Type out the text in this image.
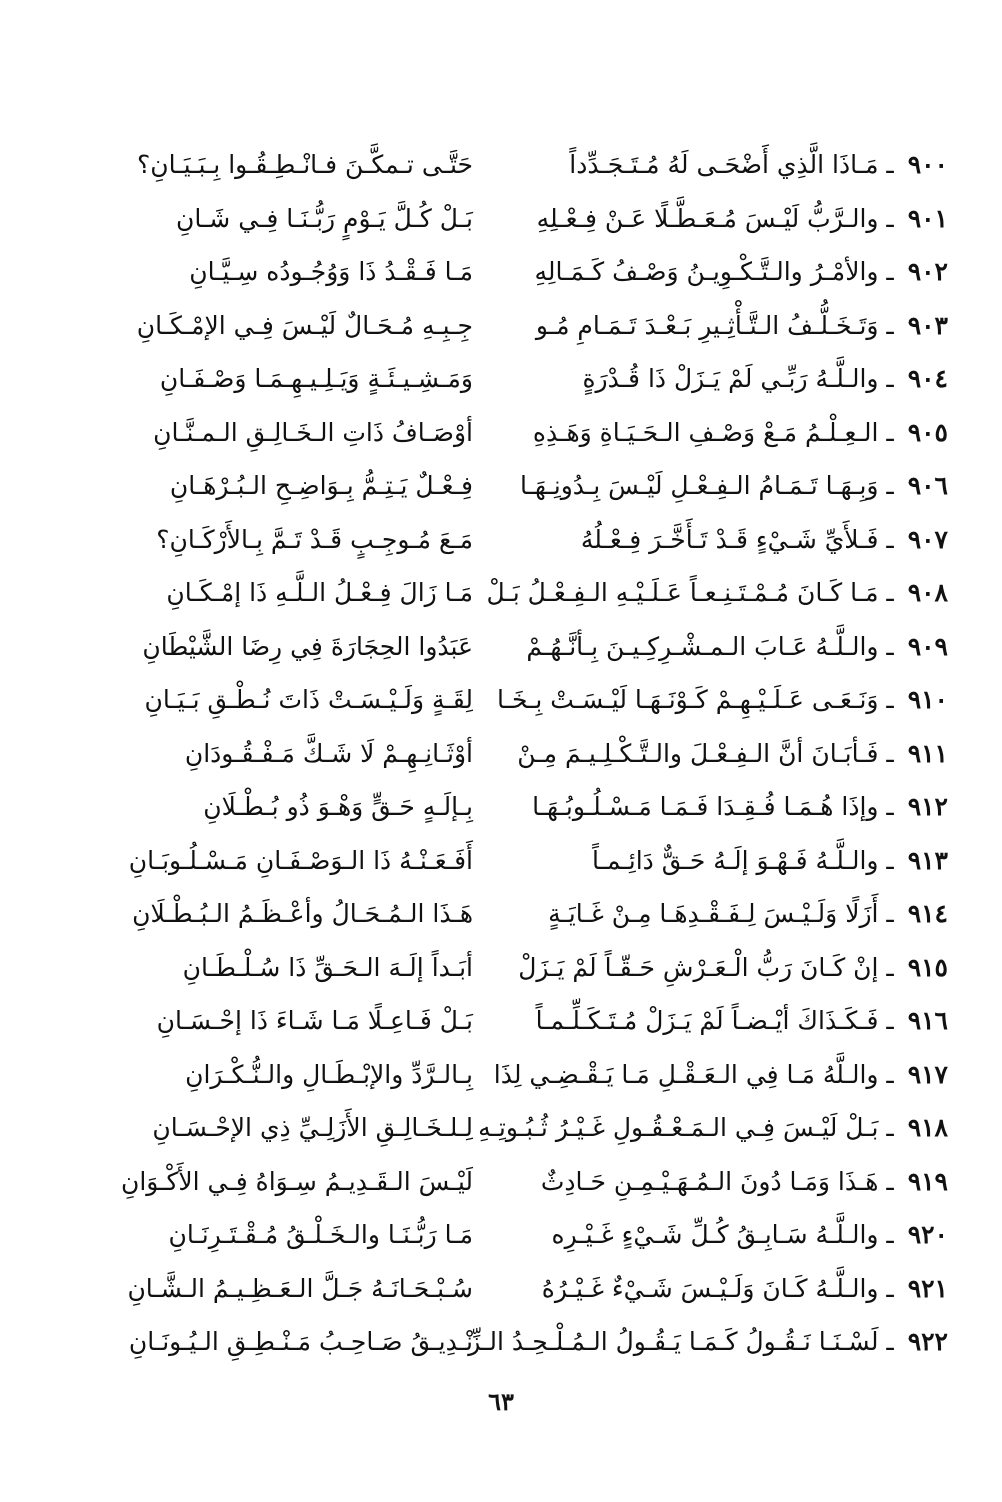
٩٠٠ ـ مَـاذَا الَّذِي أَضْحَـى لَهُ مُـتَـجَـدِّداً
حَتَّـى تـمكَّـنَ فـانْـطِـقُـوا بِـبَـيَـانِ؟
٩٠١ ـ والـرَّبُّ لَيْـسَ مُـعَـطَّـلًا عَـنْ فِـعْـلِهِ
بَـلْ كُـلَّ يَـوْمٍ رَبُّـنَـا فِـي شَـانِ
٩٠٢ ـ والأمْـرُ والـتَّـكْـوِيـنُ وَصْـفُ كَـمَـالِهِ
مَـا فَـقْـدُ ذَا وَوُجُـودُه سِـيَّـانِ
٩٠٣ ـ وَتَـخَـلُّـفُ الـتَّـأْثِـيرِ بَـعْـدَ تَـمَـامِ مُـو
جِـبِـهِ مُـحَـالٌ لَيْـسَ فِـي الإمْـكَـانِ
٩٠٤ ـ والـلَّـهُ رَبِّـي لَمْ يَـزَلْ ذَا قُـدْرَةٍ
وَمَـشِـيـئَـةٍ وَيَـلِـيـهِـمَـا وَصْـفَـانِ
٩٠٥ ـ الـعِـلْـمُ مَـعْ وَصْـفِ الـحَـيَـاةِ وَهَـذِهِ
أوْصَـافُ ذَاتِ الـخَـالِـقِ الـمـنَّـانِ
٩٠٦ ـ وَبِـهَـا تَـمَـامُ الـفِـعْـلِ لَيْـسَ بِـدُونِـهَـا
فِـعْـلٌ يَـتِـمُّ بِـوَاضِـحِ الـبُـرْهَـانِ
٩٠٧ ـ فَـلأَيِّ شَـيْءٍ قَـدْ تَـأَخَّـرَ فِـعْـلُهُ
مَـعَ مُـوجِـبٍ قَـدْ تَـمَّ بِـالأَرْكَـانِ؟
٩٠٨ ـ مَـا كَـانَ مُـمْـتَـنِـعـاً عَـلَـيْـهِ الـفِـعْـلُ بَـلْ
مَـا زَالَ فِـعْـلُ الـلَّـهِ ذَا إمْـكَـانِ
٩٠٩ ـ والـلَّـهُ عَـابَ الـمـشْـرِكِـيـنَ بِـأنَّـهُـمْ
عَبَدُوا الحِجَارَةَ فِي رِضَا الشَّيْطَانِ
٩١٠ ـ وَنَـعَـى عَـلَـيْـهِـمْ كَـوْنَـهَـا لَيْـسَـتْ بِـخَـا
لِقَـةٍ وَلَـيْـسَـتْ ذَاتَ نُـطْـقِ بَـيَـانِ
٩١١ ـ فَـأبَـانَ أنَّ الـفِـعْـلَ والـتَّـكْـلِـيـمَ مِـنْ
أوْثَـانِـهِـمْ لَا شَـكَّ مَـفْـقُـودَانِ
٩١٢ ـ وإذَا هُـمَـا فُـقِـدَا فَـمَـا مَـسْـلُـوبُـهَـا
بِـإلَـهٍ حَـقٍّ وَهْـوَ ذُو بُـطْـلَانِ
٩١٣ ـ والـلَّـهُ فَـهْـوَ إلَـهُ حَـقٌّ دَائِـمـاً
أَفَـعَـنْـهُ ذَا الـوَصْـفَـانِ مَـسْـلُـوبَـانِ
٩١٤ ـ أَزَلًا وَلَـيْـسَ لِـفَـقْـدِهَـا مِـنْ غَـايَـةٍ
هَـذَا الـمُـحَـالُ وأعْـظَـمُ الـبُـطْـلَانِ
٩١٥ ـ إنْ كَـانَ رَبُّ الْـعَـرْشِ حَـقّـاً لَمْ يَـزَلْ
أبَـداً إلَـهَ الـحَـقِّ ذَا سُـلْـطَـانِ
٩١٦ ـ فَـكَـذَاكَ أيْـضـاً لَمْ يَـزَلْ مُـتَـكَـلِّـمـاً
بَـلْ فَـاعِـلًا مَـا شَـاءَ ذَا إحْـسَـانِ
٩١٧ ـ والـلَّهُ مَـا فِي الـعَـقْـلِ مَـا يَـقْـضِـي لِذَا
بِـالـرَّدِّ والإبْـطَـالِ والـنُّـكْـرَانِ
٩١٨ ـ بَـلْ لَيْـسَ فِـي الـمَـعْـقُـولِ غَـيْـرُ ثُـبُـوتِـهِ
لِـلـخَـالِـقِ الأَزَلِـيِّ ذِي الإحْـسَـانِ
٩١٩ ـ هَـذَا وَمَـا دُونَ الـمُـهَـيْـمِـنِ حَـادِثٌ
لَيْـسَ الـقَـدِيـمُ سِـوَاهُ فِـي الأَكْـوَانِ
٩٢٠ ـ والـلَّـهُ سَـابِـقُ كُـلِّ شَـيْءٍ غَـيْـرِه
مَـا رَبُّـنَـا والـخَـلْـقُ مُـقْـتَـرِنَـانِ
٩٢١ ـ والـلَّـهُ كَـانَ وَلَـيْـسَ شَـيْءٌ غَـيْـرُهُ
سُـبْـحَـانَـهُ جَـلَّ الـعَـظِـيـمُ الـشَّـانِ
٩٢٢ ـ لَسْـنَـا نَـقُـولُ كَـمَـا يَـقُـولُ الـمُـلْـحِـدُ الـزِّ
نْـدِيـقُ صَـاحِـبُ مَـنْـطِـقِ الـيُـونَـانِ
٦٣
